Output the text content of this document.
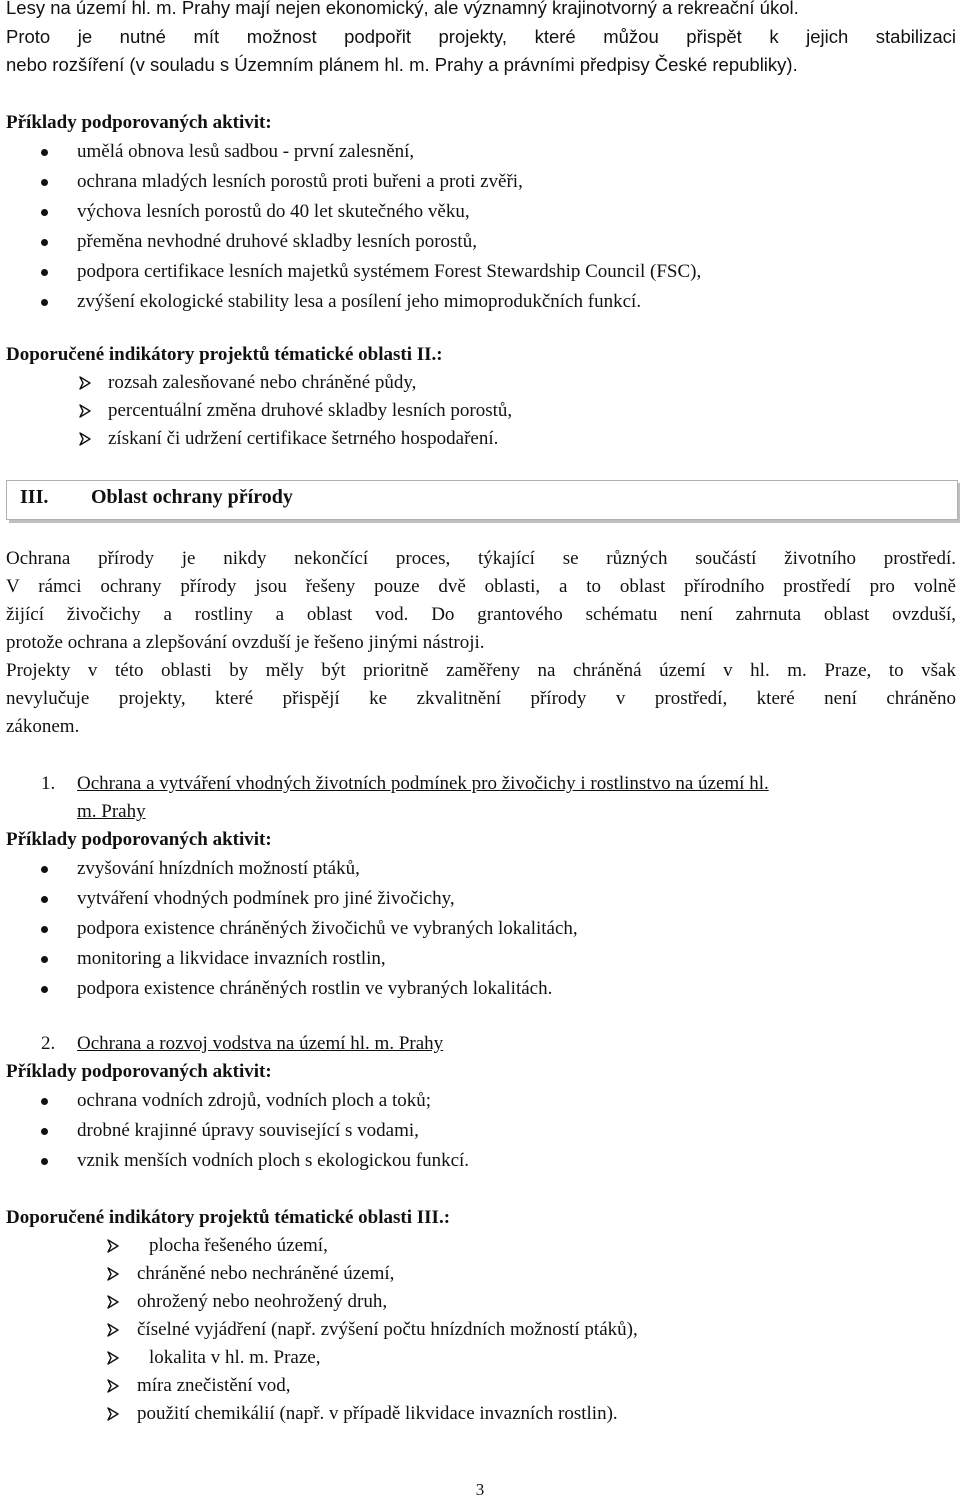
Lesy na území hl. m. Prahy mají nejen ekonomický, ale významný krajinotvorný a rekreační úkol.

Proto je nutné mít možnost podpořit projekty, které můžou přispět k jejich stabilizaci

nebo rozšíření (v souladu s Územním plánem hl. m. Prahy a právními předpisy České republiky).

Příklady podporovaných aktivit:

umělá obnova lesů sadbou - první zalesnění,
ochrana mladých lesních porostů proti buřeni a proti zvěři,
výchova lesních porostů do 40 let skutečného věku,
přeměna nevhodné druhové skladby lesních porostů,
podpora certifikace lesních majetků systémem Forest Stewardship Council (FSC),
zvýšení ekologické stability lesa a posílení jeho mimoprodukčních funkcí.

Doporučené indikátory projektů tématické oblasti II.:

rozsah zalesňované nebo chráněné půdy,
percentuální změna druhové skladby lesních porostů,
získaní či udržení certifikace šetrného hospodaření.
III. Oblast ochrany přírody

Ochrana přírody je nikdy nekončící proces, týkající se různých součástí životního prostředí.

V rámci ochrany přírody jsou řešeny pouze dvě oblasti, a to oblast přírodního prostředí pro volně

žijící živočichy a rostliny a oblast vod. Do grantového schématu není zahrnuta oblast ovzduší,

protože ochrana a zlepšování ovzduší je řešeno jinými nástroji.

Projekty v této oblasti by měly být prioritně zaměřeny na chráněná území v hl. m. Praze, to však

nevylučuje projekty, které přispějí ke zkvalitnění přírody v prostředí, které není chráněno

zákonem.

1. Ochrana a vytváření vhodných životních podmínek pro živočichy i rostlinstvo na území hl.
m. Prahy

Příklady podporovaných aktivit:

zvyšování hnízdních možností ptáků,
vytváření vhodných podmínek pro jiné živočichy,
podpora existence chráněných živočichů ve vybraných lokalitách,
monitoring a likvidace invazních rostlin,
podpora existence chráněných rostlin ve vybraných lokalitách.

2. Ochrana a rozvoj vodstva na území hl. m. Prahy

Příklady podporovaných aktivit:

ochrana vodních zdrojů, vodních ploch a toků;
drobné krajinné úpravy související s vodami,
vznik menších vodních ploch s ekologickou funkcí.

Doporučené indikátory projektů tématické oblasti III.:

plocha řešeného území,
chráněné nebo nechráněné území,
ohrožený nebo neohrožený druh,
číselné vyjádření (např. zvýšení počtu hnízdních možností ptáků),
lokalita v hl. m. Praze,
míra znečistění vod,
použití chemikálií (např. v případě likvidace invazních rostlin).
3
